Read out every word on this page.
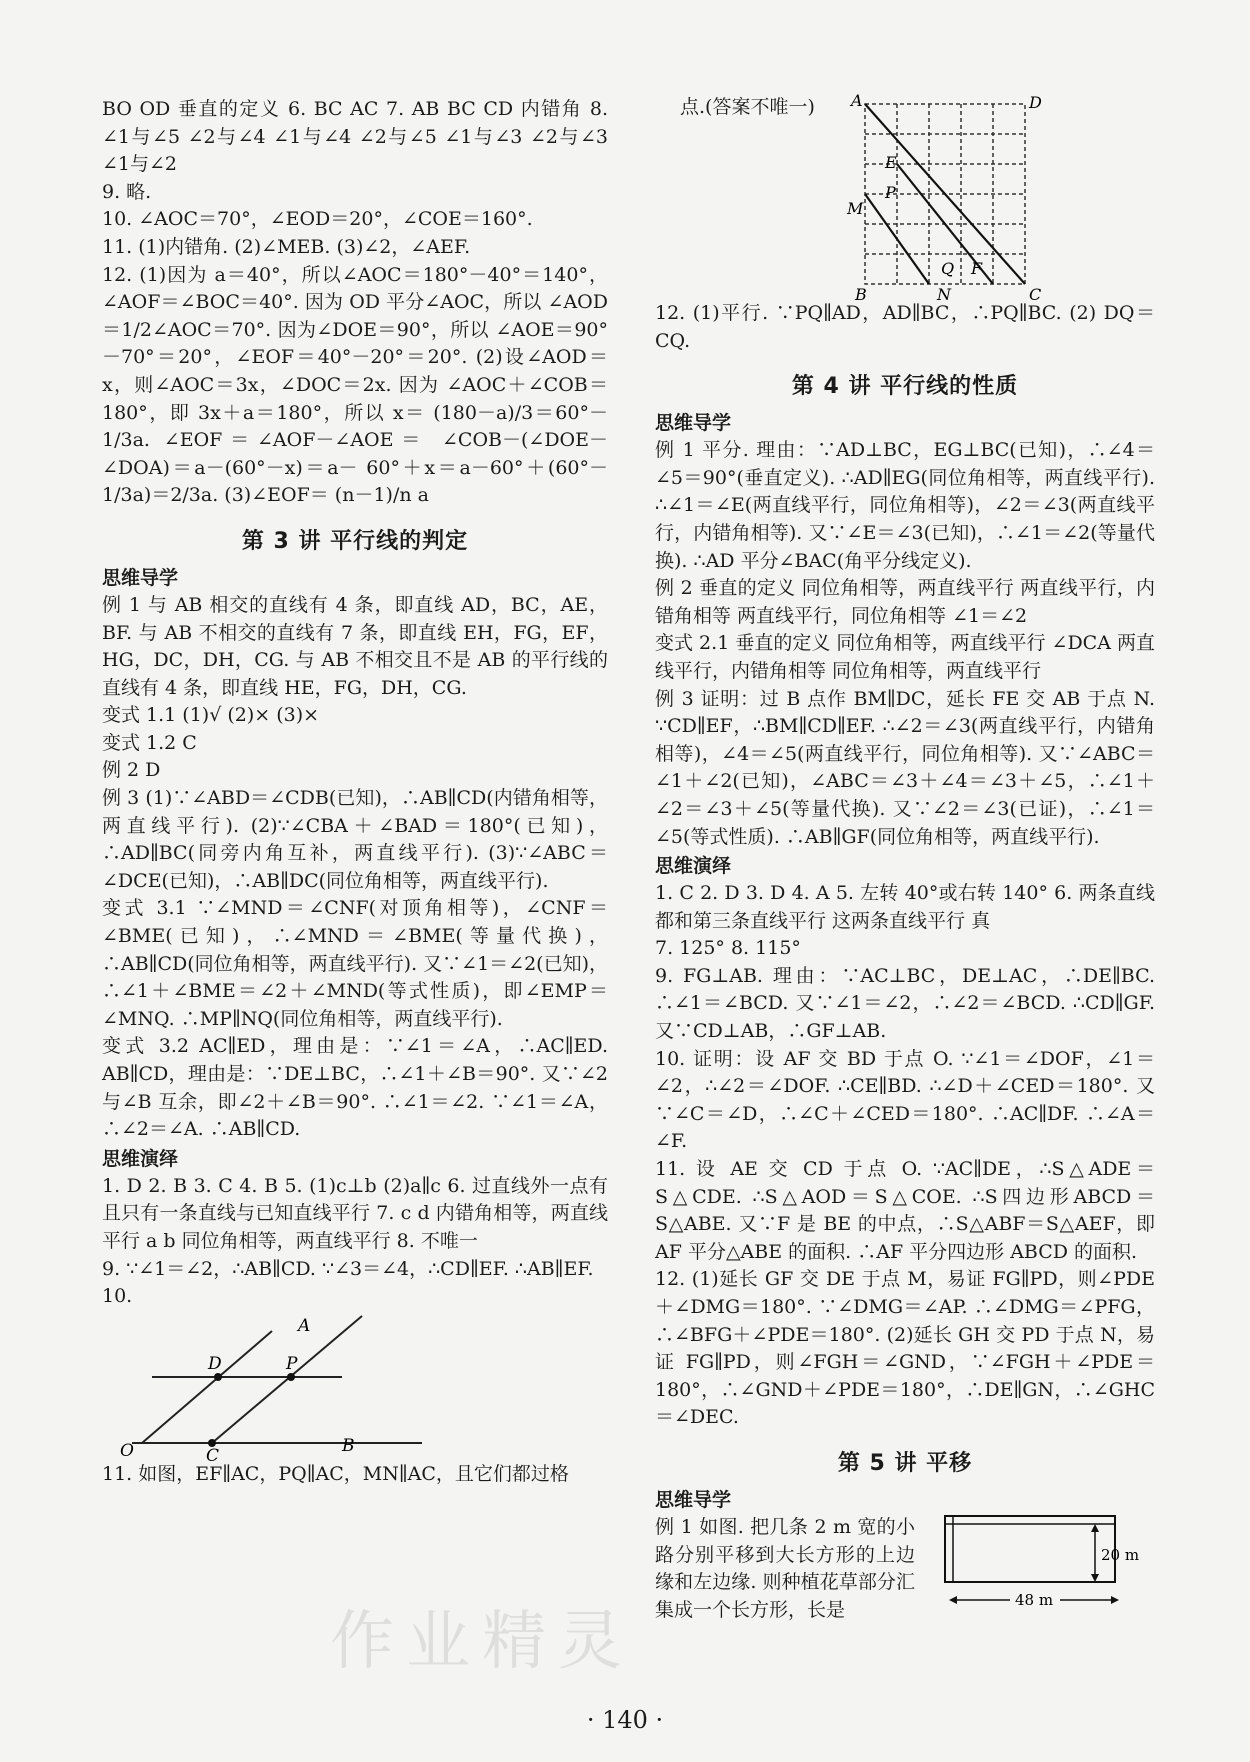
BO OD 垂直的定义 6. BC AC 7. AB BC CD 内错角 8. ∠1与∠5 ∠2与∠4 ∠1与∠4 ∠2与∠5 ∠1与∠3 ∠2与∠3 ∠1与∠2

9. 略.

10. ∠AOC＝70°，∠EOD＝20°，∠COE＝160°.

11. (1)内错角. (2)∠MEB. (3)∠2，∠AEF.

12. (1)因为 a＝40°，所以∠AOC＝180°－40°＝140°，∠AOF＝∠BOC＝40°. 因为 OD 平分∠AOC，所以 ∠AOD＝1/2∠AOC＝70°. 因为∠DOE＝90°，所以 ∠AOE＝90°－70°＝20°，∠EOF＝40°－20°＝20°. (2)设∠AOD＝x，则∠AOC＝3x，∠DOC＝2x. 因为 ∠AOC＋∠COB＝180°，即 3x＋a＝180°，所以 x＝ (180－a)/3＝60°－1/3a. ∠EOF＝∠AOF－∠AOE＝ ∠COB－(∠DOE－∠DOA)＝a－(60°－x)＝a－ 60°＋x＝a－60°＋(60°－1/3a)＝2/3a. (3)∠EOF＝ (n－1)/n a

第 3 讲 平行线的判定
思维导学

例 1 与 AB 相交的直线有 4 条，即直线 AD，BC，AE，BF. 与 AB 不相交的直线有 7 条，即直线 EH，FG，EF，HG，DC，DH，CG. 与 AB 不相交且不是 AB 的平行线的直线有 4 条，即直线 HE，FG，DH，CG.

变式 1.1 (1)√ (2)× (3)×

变式 1.2 C

例 2 D

例 3 (1)∵∠ABD＝∠CDB(已知)，∴AB∥CD(内错角相等，两直线平行). (2)∵∠CBA＋∠BAD＝180°(已知)，∴AD∥BC(同旁内角互补，两直线平行). (3)∵∠ABC＝∠DCE(已知)，∴AB∥DC(同位角相等，两直线平行).

变式 3.1 ∵∠MND＝∠CNF(对顶角相等)，∠CNF＝∠BME(已知)，∴∠MND＝∠BME(等量代换)，∴AB∥CD(同位角相等，两直线平行). 又∵∠1＝∠2(已知)，∴∠1＋∠BME＝∠2＋∠MND(等式性质)，即∠EMP＝∠MNQ. ∴MP∥NQ(同位角相等，两直线平行).

变式 3.2 AC∥ED，理由是：∵∠1＝∠A，∴AC∥ED. AB∥CD，理由是：∵DE⊥BC，∴∠1＋∠B＝90°. 又∵∠2 与∠B 互余，即∠2＋∠B＝90°. ∴∠1＝∠2. ∵∠1＝∠A，∴∠2＝∠A. ∴AB∥CD.

思维演绎

1. D 2. B 3. C 4. B 5. (1)c⊥b (2)a∥c 6. 过直线外一点有且只有一条直线与已知直线平行 7. c d 内错角相等，两直线平行 a b 同位角相等，两直线平行 8. 不唯一

9. ∵∠1＝∠2，∴AB∥CD. ∵∠3＝∠4，∴CD∥EF. ∴AB∥EF.

10.

A
D	P
O	C	B

11. 如图，EF∥AC，PQ∥AC，MN∥AC，且它们都过格

点.(答案不唯一) A	D
E
P
M
Q F
B	N	C

12. (1)平行. ∵PQ∥AD，AD∥BC，∴PQ∥BC. (2) DQ＝CQ.

第 4 讲 平行线的性质
思维导学

例 1 平分. 理由：∵AD⊥BC，EG⊥BC(已知)，∴∠4＝∠5＝90°(垂直定义). ∴AD∥EG(同位角相等，两直线平行). ∴∠1＝∠E(两直线平行，同位角相等)，∠2＝∠3(两直线平行，内错角相等). 又∵∠E＝∠3(已知)，∴∠1＝∠2(等量代换). ∴AD 平分∠BAC(角平分线定义).

例 2 垂直的定义 同位角相等，两直线平行 两直线平行，内错角相等 两直线平行，同位角相等 ∠1＝∠2

变式 2.1 垂直的定义 同位角相等，两直线平行 ∠DCA 两直线平行，内错角相等 同位角相等，两直线平行

例 3 证明：过 B 点作 BM∥DC，延长 FE 交 AB 于点 N. ∵CD∥EF，∴BM∥CD∥EF. ∴∠2＝∠3(两直线平行，内错角相等)，∠4＝∠5(两直线平行，同位角相等). 又∵∠ABC＝∠1＋∠2(已知)，∠ABC＝∠3＋∠4＝∠3＋∠5，∴∠1＋∠2＝∠3＋∠5(等量代换). 又∵∠2＝∠3(已证)，∴∠1＝∠5(等式性质). ∴AB∥GF(同位角相等，两直线平行).

思维演绎

1. C 2. D 3. D 4. A 5. 左转 40°或右转 140° 6. 两条直线都和第三条直线平行 这两条直线平行 真

7. 125° 8. 115°

9. FG⊥AB. 理由：∵AC⊥BC，DE⊥AC，∴DE∥BC. ∴∠1＝∠BCD. 又∵∠1＝∠2，∴∠2＝∠BCD. ∴CD∥GF. 又∵CD⊥AB，∴GF⊥AB.

10. 证明：设 AF 交 BD 于点 O. ∵∠1＝∠DOF，∠1＝∠2，∴∠2＝∠DOF. ∴CE∥BD. ∴∠D＋∠CED＝180°. 又∵∠C＝∠D，∴∠C＋∠CED＝180°. ∴AC∥DF. ∴∠A＝∠F.

11. 设 AE 交 CD 于点 O. ∵AC∥DE，∴S△ADE＝S△CDE. ∴S△AOD＝S△COE. ∴S四边形ABCD＝S△ABE. 又∵F 是 BE 的中点，∴S△ABF＝S△AEF，即 AF 平分△ABE 的面积. ∴AF 平分四边形 ABCD 的面积.

12. (1)延长 GF 交 DE 于点 M，易证 FG∥PD，则∠PDE＋∠DMG＝180°. ∵∠DMG＝∠AP. ∴∠DMG＝∠PFG，∴∠BFG＋∠PDE＝180°. (2)延长 GH 交 PD 于点 N，易证 FG∥PD，则∠FGH＝∠GND，∵∠FGH＋∠PDE＝180°，∴∠GND＋∠PDE＝180°，∴DE∥GN，∴∠GHC＝∠DEC.

第 5 讲 平移
思维导学

例 1 如图. 把几条 2 m 宽的小路分别平移到大长方形的上边缘和左边缘. 则种植花草部分汇集成一个长方形，长是

20 m
48 m
作业精灵
· 140 ·
